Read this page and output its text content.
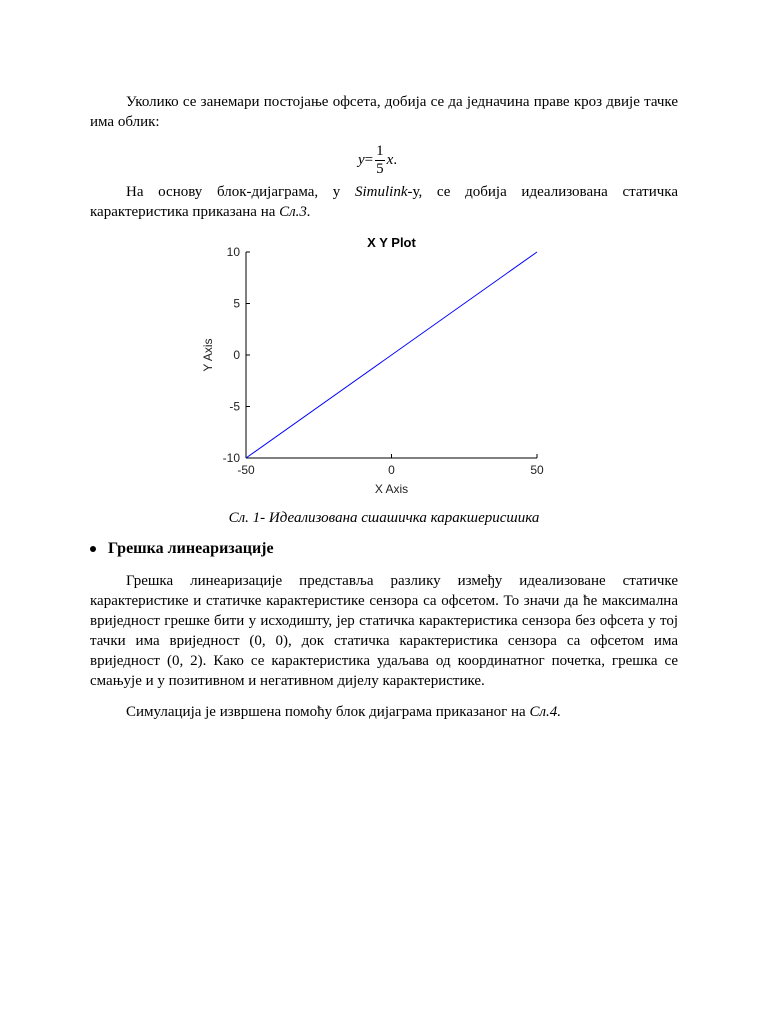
Уколико се занемари постојање офсета, добија се да једначина праве кроз двије тачке има облик:

$y = \frac{1}{5}$ x .

На основу блок-дијаграма, у Simulink-у, се добија идеализована статичка карактеристика приказана на Сл.3.

X Y Plot
-50	0	50
10
5
0
-5
-10
X Axis
Y Axis
Сл. 1- Идеализована сшашичка каракшерисшика
Грешка линеаризације

Грешка линеаризације представља разлику између идеализоване статичке карактеристике и статичке карактеристике сензора са офсетом. То значи да ће максимална вриједност грешке бити у исходишту, јер статичка карактеристика сензора без офсета у тој тачки има вриједност (0, 0), док статичка карактеристика сензора са офсетом има вриједност (0, 2). Како се карактеристика удаљава од координатног почетка, грешка се смањује и у позитивном и негативном дијелу карактеристике.

Симулација је извршена помоћу блок дијаграма приказаног на Сл.4.
